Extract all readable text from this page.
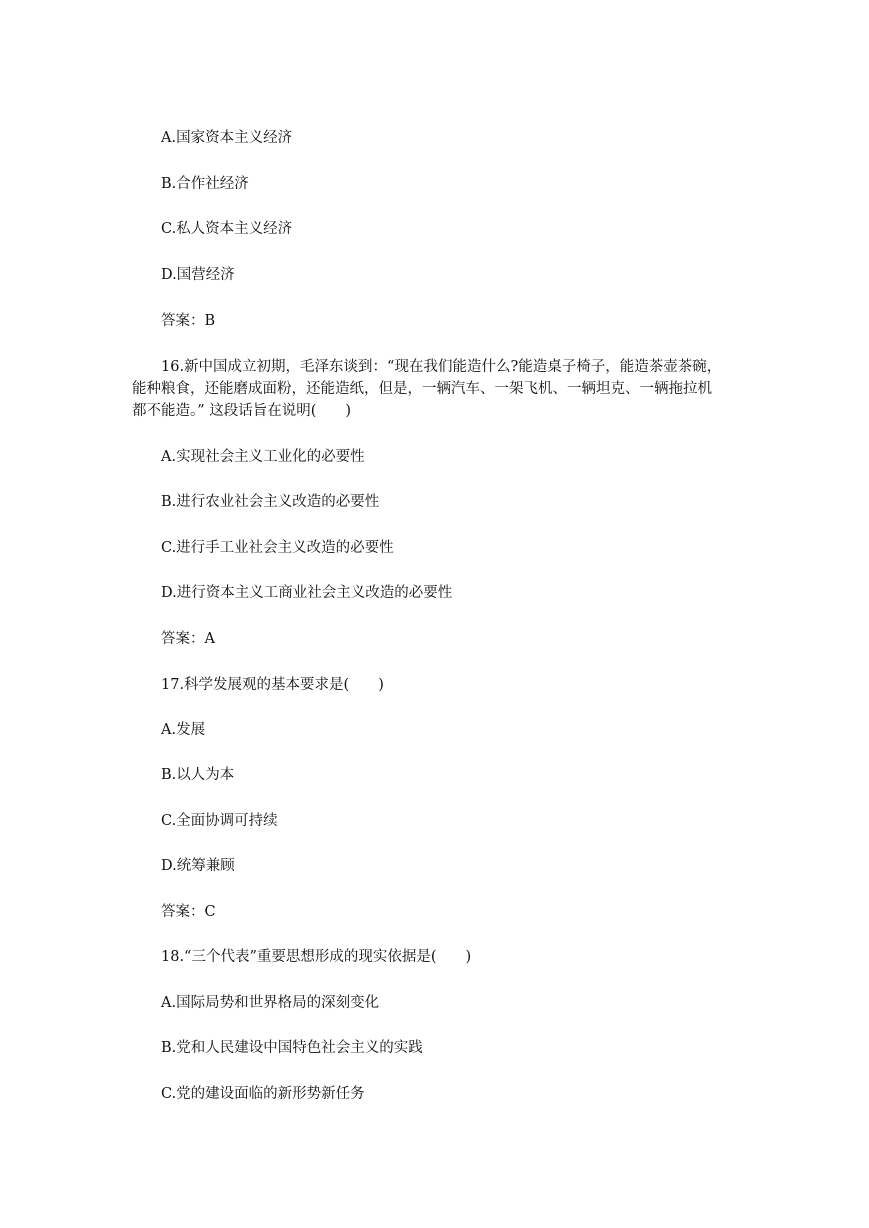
A.国家资本主义经济
B.合作社经济
C.私人资本主义经济
D.国营经济
答案：B
16.新中国成立初期，毛泽东谈到：“现在我们能造什么?能造桌子椅子，能造茶壶茶碗，
能种粮食，还能磨成面粉，还能造纸，但是，一辆汽车、一架飞机、一辆坦克、一辆拖拉机
都不能造。” 这段话旨在说明(　　)
A.实现社会主义工业化的必要性
B.进行农业社会主义改造的必要性
C.进行手工业社会主义改造的必要性
D.进行资本主义工商业社会主义改造的必要性
答案：A
17.科学发展观的基本要求是(　　)
A.发展
B.以人为本
C.全面协调可持续
D.统筹兼顾
答案：C
18.“三个代表”重要思想形成的现实依据是(　　)
A.国际局势和世界格局的深刻变化
B.党和人民建设中国特色社会主义的实践
C.党的建设面临的新形势新任务
